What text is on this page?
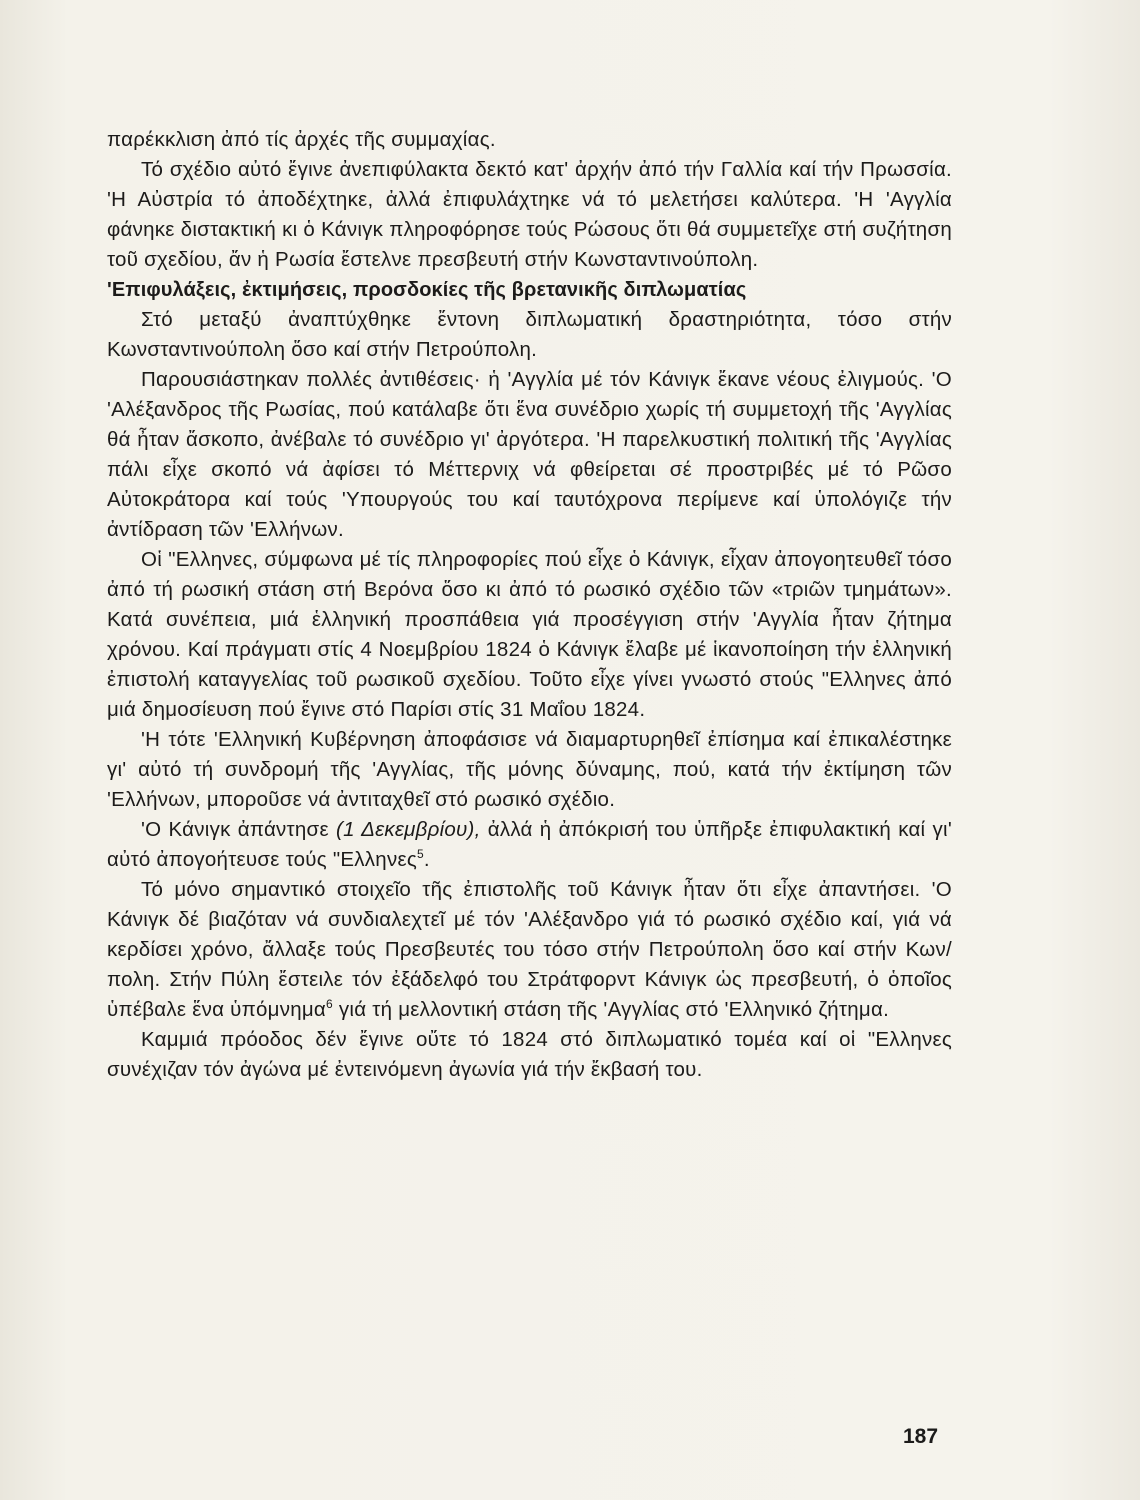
παρέκκλιση ἀπό τίς ἀρχές τῆς συμμαχίας.

Τό σχέδιο αὐτό ἔγινε ἀνεπιφύλακτα δεκτό κατ' ἀρχήν ἀπό τήν Γαλλία καί τήν Πρωσσία. 'Η Αὐστρία τό ἀποδέχτηκε, ἀλλά ἐπιφυλάχτηκε νά τό μελετήσει καλύτερα. 'Η 'Αγγλία φάνηκε διστακτική κι ὁ Κάνιγκ πληροφόρησε τούς Ρώσους ὅτι θά συμμετεῖχε στή συζήτηση τοῦ σχεδίου, ἄν ἡ Ρωσία ἔστελνε πρεσβευτή στήν Κωνσταντινούπολη.

'Επιφυλάξεις, ἐκτιμήσεις, προσδοκίες τῆς βρετανικῆς διπλωματίας

Στό μεταξύ ἀναπτύχθηκε ἔντονη διπλωματική δραστηριότητα, τόσο στήν Κωνσταντινούπολη ὅσο καί στήν Πετρούπολη.

Παρουσιάστηκαν πολλές ἀντιθέσεις· ἡ 'Αγγλία μέ τόν Κάνιγκ ἔκανε νέους ἐλιγμούς. 'Ο 'Αλέξανδρος τῆς Ρωσίας, πού κατάλαβε ὅτι ἕνα συνέδριο χωρίς τή συμμετοχή τῆς 'Αγγλίας θά ἦταν ἄσκοπο, ἀνέβαλε τό συνέδριο γι' ἀργότερα. 'Η παρελκυστική πολιτική τῆς 'Αγγλίας πάλι εἶχε σκοπό νά ἀφίσει τό Μέττερνιχ νά φθείρεται σέ προστριβές μέ τό Ρῶσο Αὐτοκράτορα καί τούς 'Υπουργούς του καί ταυτόχρονα περίμενε καί ὑπολόγιζε τήν ἀντίδραση τῶν 'Ελλήνων.

Οἱ "Ελληνες, σύμφωνα μέ τίς πληροφορίες πού εἶχε ὁ Κάνιγκ, εἶχαν ἀπογοητευθεῖ τόσο ἀπό τή ρωσική στάση στή Βερόνα ὅσο κι ἀπό τό ρωσικό σχέδιο τῶν «τριῶν τμημάτων». Κατά συνέπεια, μιά ἑλληνική προσπάθεια γιά προσέγγιση στήν 'Αγγλία ἦταν ζήτημα χρόνου. Καί πράγματι στίς 4 Νοεμβρίου 1824 ὁ Κάνιγκ ἔλαβε μέ ἱκανοποίηση τήν ἑλληνική ἐπιστολή καταγγελίας τοῦ ρωσικοῦ σχεδίου. Τοῦτο εἶχε γίνει γνωστό στούς "Ελληνες ἀπό μιά δημοσίευση πού ἔγινε στό Παρίσι στίς 31 Μαΐου 1824.

'Η τότε 'Ελληνική Κυβέρνηση ἀποφάσισε νά διαμαρτυρηθεῖ ἐπίσημα καί ἐπικαλέστηκε γι' αὐτό τή συνδρομή τῆς 'Αγγλίας, τῆς μόνης δύναμης, πού, κατά τήν ἐκτίμηση τῶν 'Ελλήνων, μποροῦσε νά ἀντιταχθεῖ στό ρωσικό σχέδιο.

'Ο Κάνιγκ ἀπάντησε (1 Δεκεμβρίου), ἀλλά ἡ ἀπόκρισή του ὑπῆρξε ἐπιφυλακτική καί γι' αὐτό ἀπογοήτευσε τούς "Ελληνες$^5$.

Τό μόνο σημαντικό στοιχεῖο τῆς ἐπιστολῆς τοῦ Κάνιγκ ἦταν ὅτι εἶχε ἀπαντήσει. 'Ο Κάνιγκ δέ βιαζόταν νά συνδιαλεχτεῖ μέ τόν 'Αλέξανδρο γιά τό ρωσικό σχέδιο καί, γιά νά κερδίσει χρόνο, ἄλλαξε τούς Πρεσβευτές του τόσο στήν Πετρούπολη ὅσο καί στήν Κων/πολη. Στήν Πύλη ἔστειλε τόν ἐξάδελφό του Στράτφορντ Κάνιγκ ὡς πρεσβευτή, ὁ ὁποῖος ὑπέβαλε ἕνα ὑπόμνημα$^6$ γιά τή μελλοντική στάση τῆς 'Αγγλίας στό 'Ελληνικό ζήτημα.

Καμμιά πρόοδος δέν ἔγινε οὔτε τό 1824 στό διπλωματικό τομέα καί οἱ "Ελληνες συνέχιζαν τόν ἀγώνα μέ ἐντεινόμενη ἀγωνία γιά τήν ἔκβασή του.

187
